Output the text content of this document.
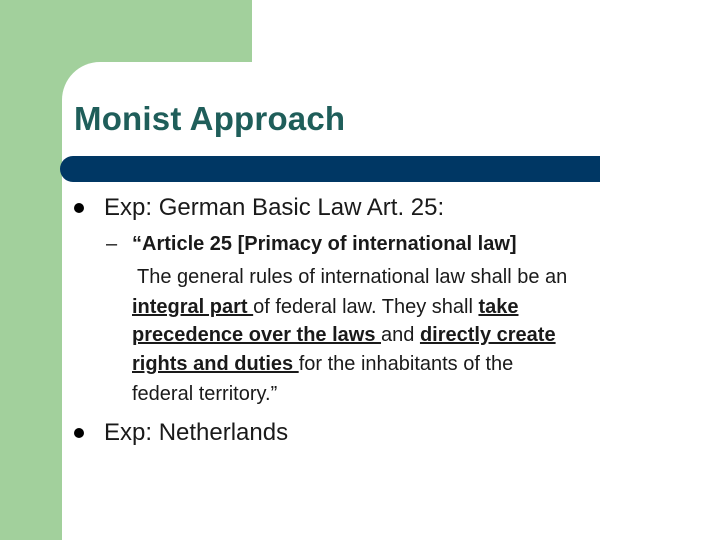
Monist Approach
Exp: German Basic Law Art. 25:
– “Article 25 [Primacy of international law]
The general rules of international law shall be an
integral part of federal law. They shall take
precedence over the laws and directly create
rights and duties for the inhabitants of the
federal territory.”
Exp: Netherlands
